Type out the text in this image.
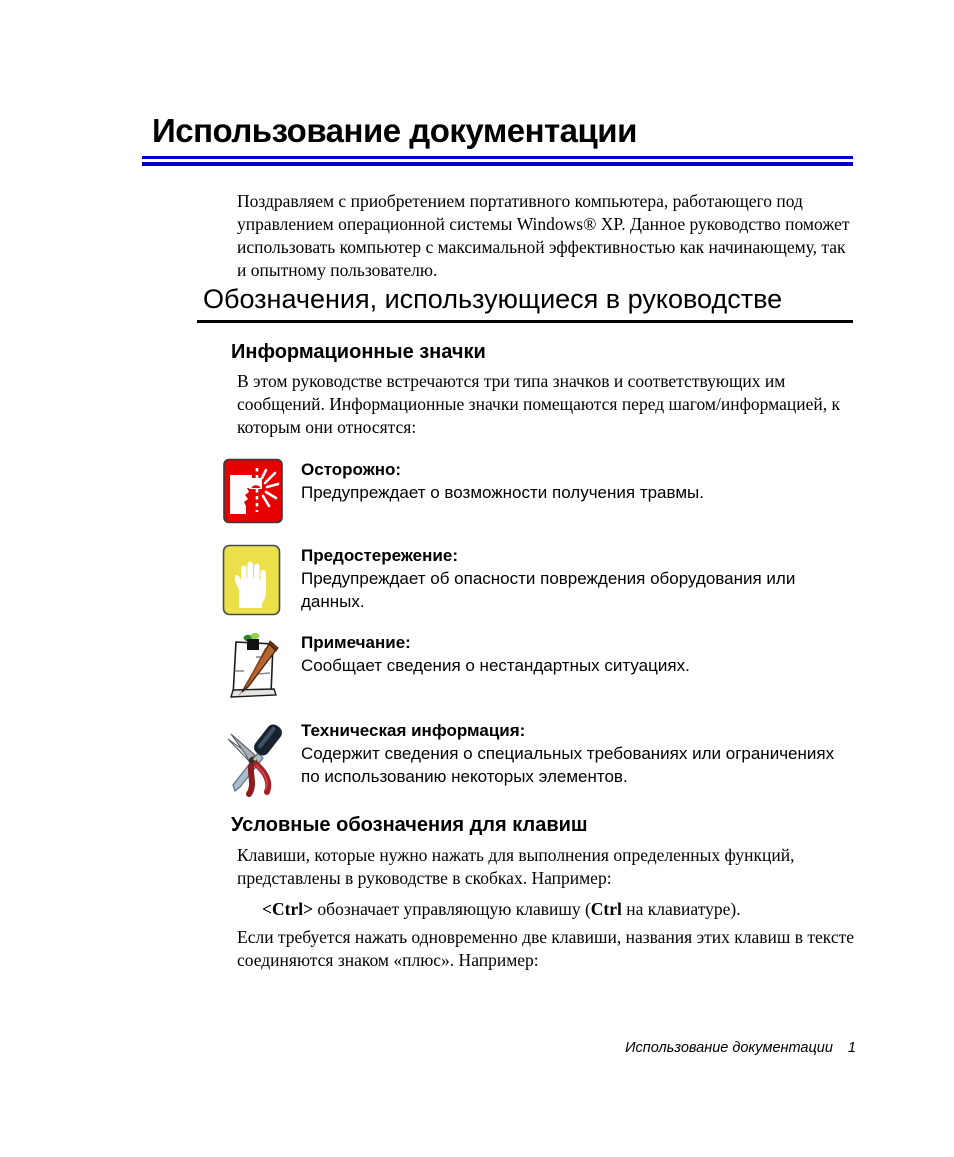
Использование документации

Поздравляем с приобретением портативного компьютера, работающего под управлением операционной системы Windows® XP. Данное руководство поможет использовать компьютер с максимальной эффективностью как начинающему, так и опытному пользователю.

Обозначения, использующиеся в руководстве
Информационные значки

В этом руководстве встречаются три типа значков и соответствующих им сообщений. Информационные значки помещаются перед шагом/информацией, к которым они относятся:

Осторожно:
Предупреждает о возможности получения травмы.
Предостережение:
Предупреждает об опасности повреждения оборудования или данных.
Примечание:
Сообщает сведения о нестандартных ситуациях.
Техническая информация:
Содержит сведения о специальных требованиях или ограничениях по использованию некоторых элементов.
Условные обозначения для клавиш

Клавиши, которые нужно нажать для выполнения определенных функций, представлены в руководстве в скобках. Например:

<Ctrl> обозначает управляющую клавишу (Ctrl на клавиатуре).

Если требуется нажать одновременно две клавиши, названия этих клавиш в тексте соединяются знаком «плюс». Например:

Использование документации 1
